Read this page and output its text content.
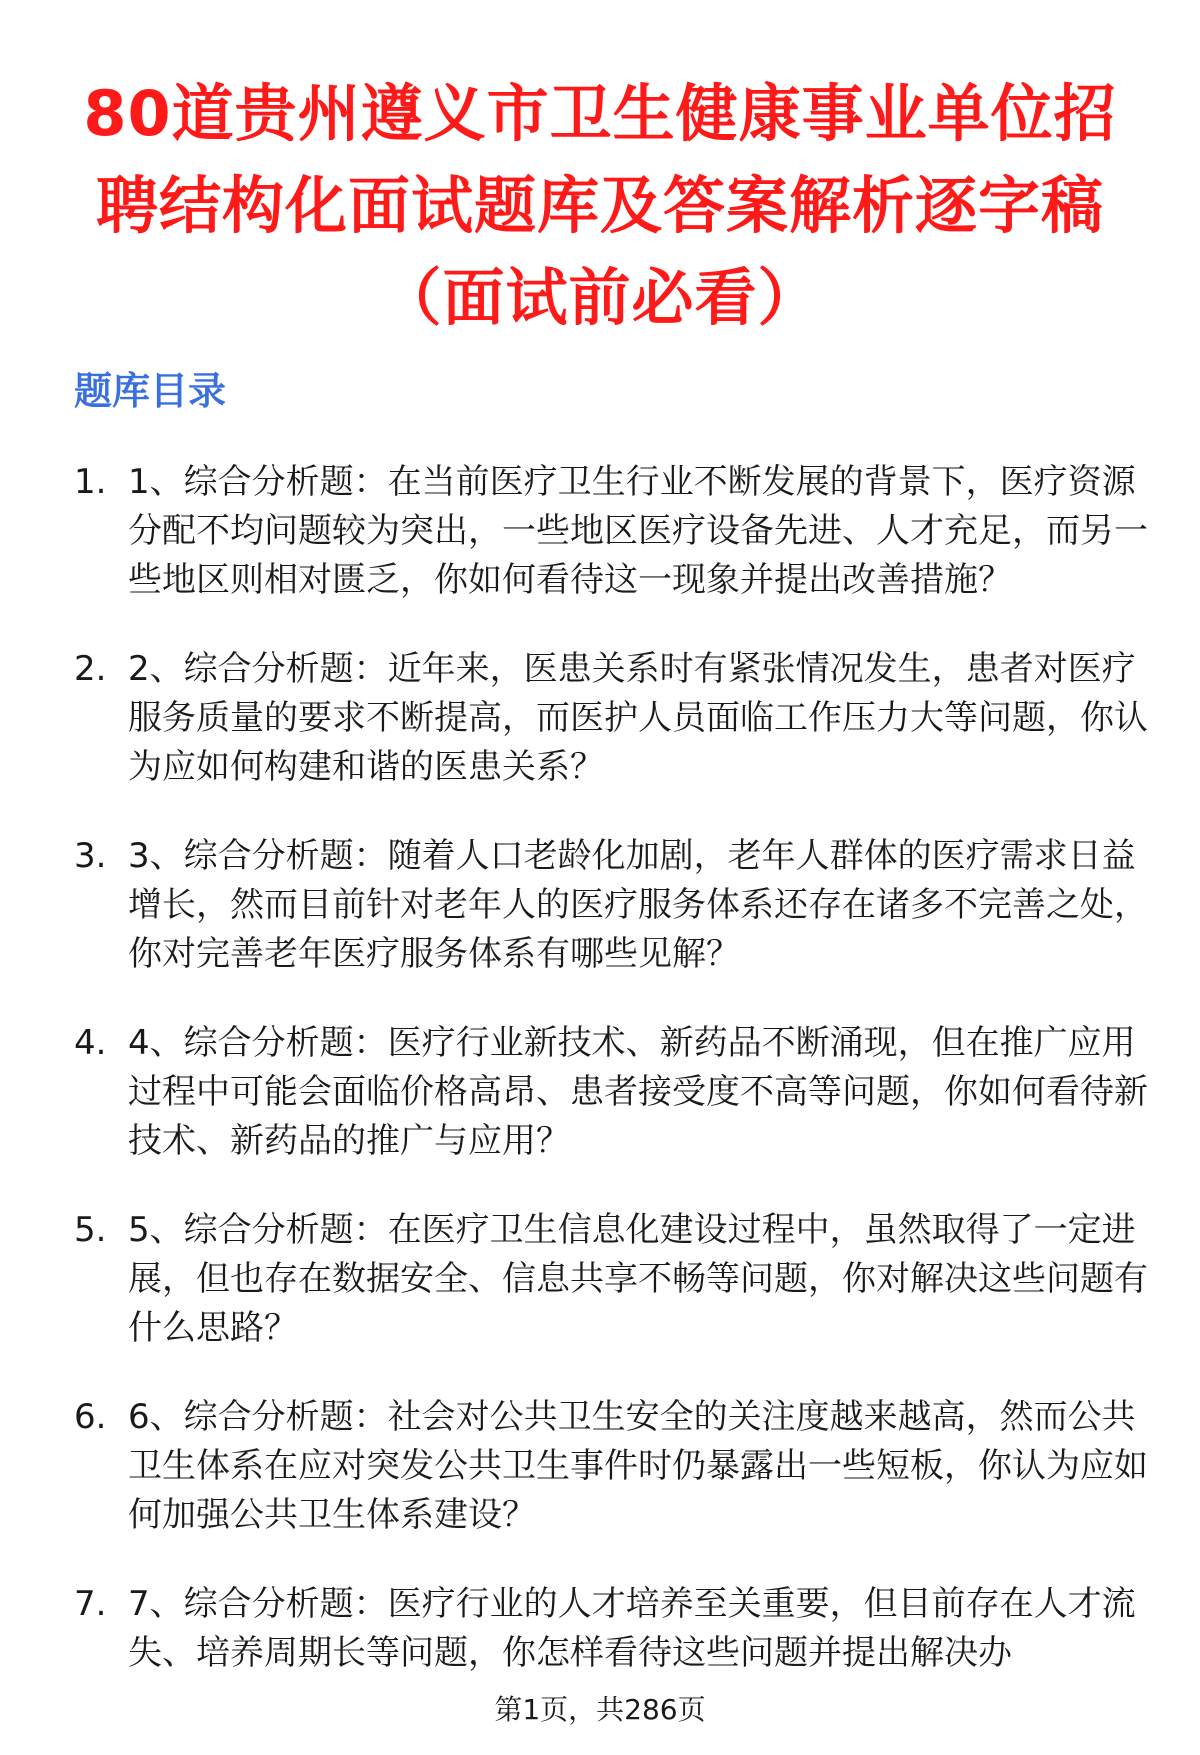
80道贵州遵义市卫生健康事业单位招聘结构化面试题库及答案解析逐字稿（面试前必看）
题库目录
1. 1、综合分析题：在当前医疗卫生行业不断发展的背景下，医疗资源分配不均问题较为突出，一些地区医疗设备先进、人才充足，而另一些地区则相对匮乏，你如何看待这一现象并提出改善措施？
2. 2、综合分析题：近年来，医患关系时有紧张情况发生，患者对医疗服务质量的要求不断提高，而医护人员面临工作压力大等问题，你认为应如何构建和谐的医患关系？
3. 3、综合分析题：随着人口老龄化加剧，老年人群体的医疗需求日益增长，然而目前针对老年人的医疗服务体系还存在诸多不完善之处，你对完善老年医疗服务体系有哪些见解？
4. 4、综合分析题：医疗行业新技术、新药品不断涌现，但在推广应用过程中可能会面临价格高昂、患者接受度不高等问题，你如何看待新技术、新药品的推广与应用？
5. 5、综合分析题：在医疗卫生信息化建设过程中，虽然取得了一定进展，但也存在数据安全、信息共享不畅等问题，你对解决这些问题有什么思路？
6. 6、综合分析题：社会对公共卫生安全的关注度越来越高，然而公共卫生体系在应对突发公共卫生事件时仍暴露出一些短板，你认为应如何加强公共卫生体系建设？
7. 7、综合分析题：医疗行业的人才培养至关重要，但目前存在人才流失、培养周期长等问题，你怎样看待这些问题并提出解决办
第1页，共286页
